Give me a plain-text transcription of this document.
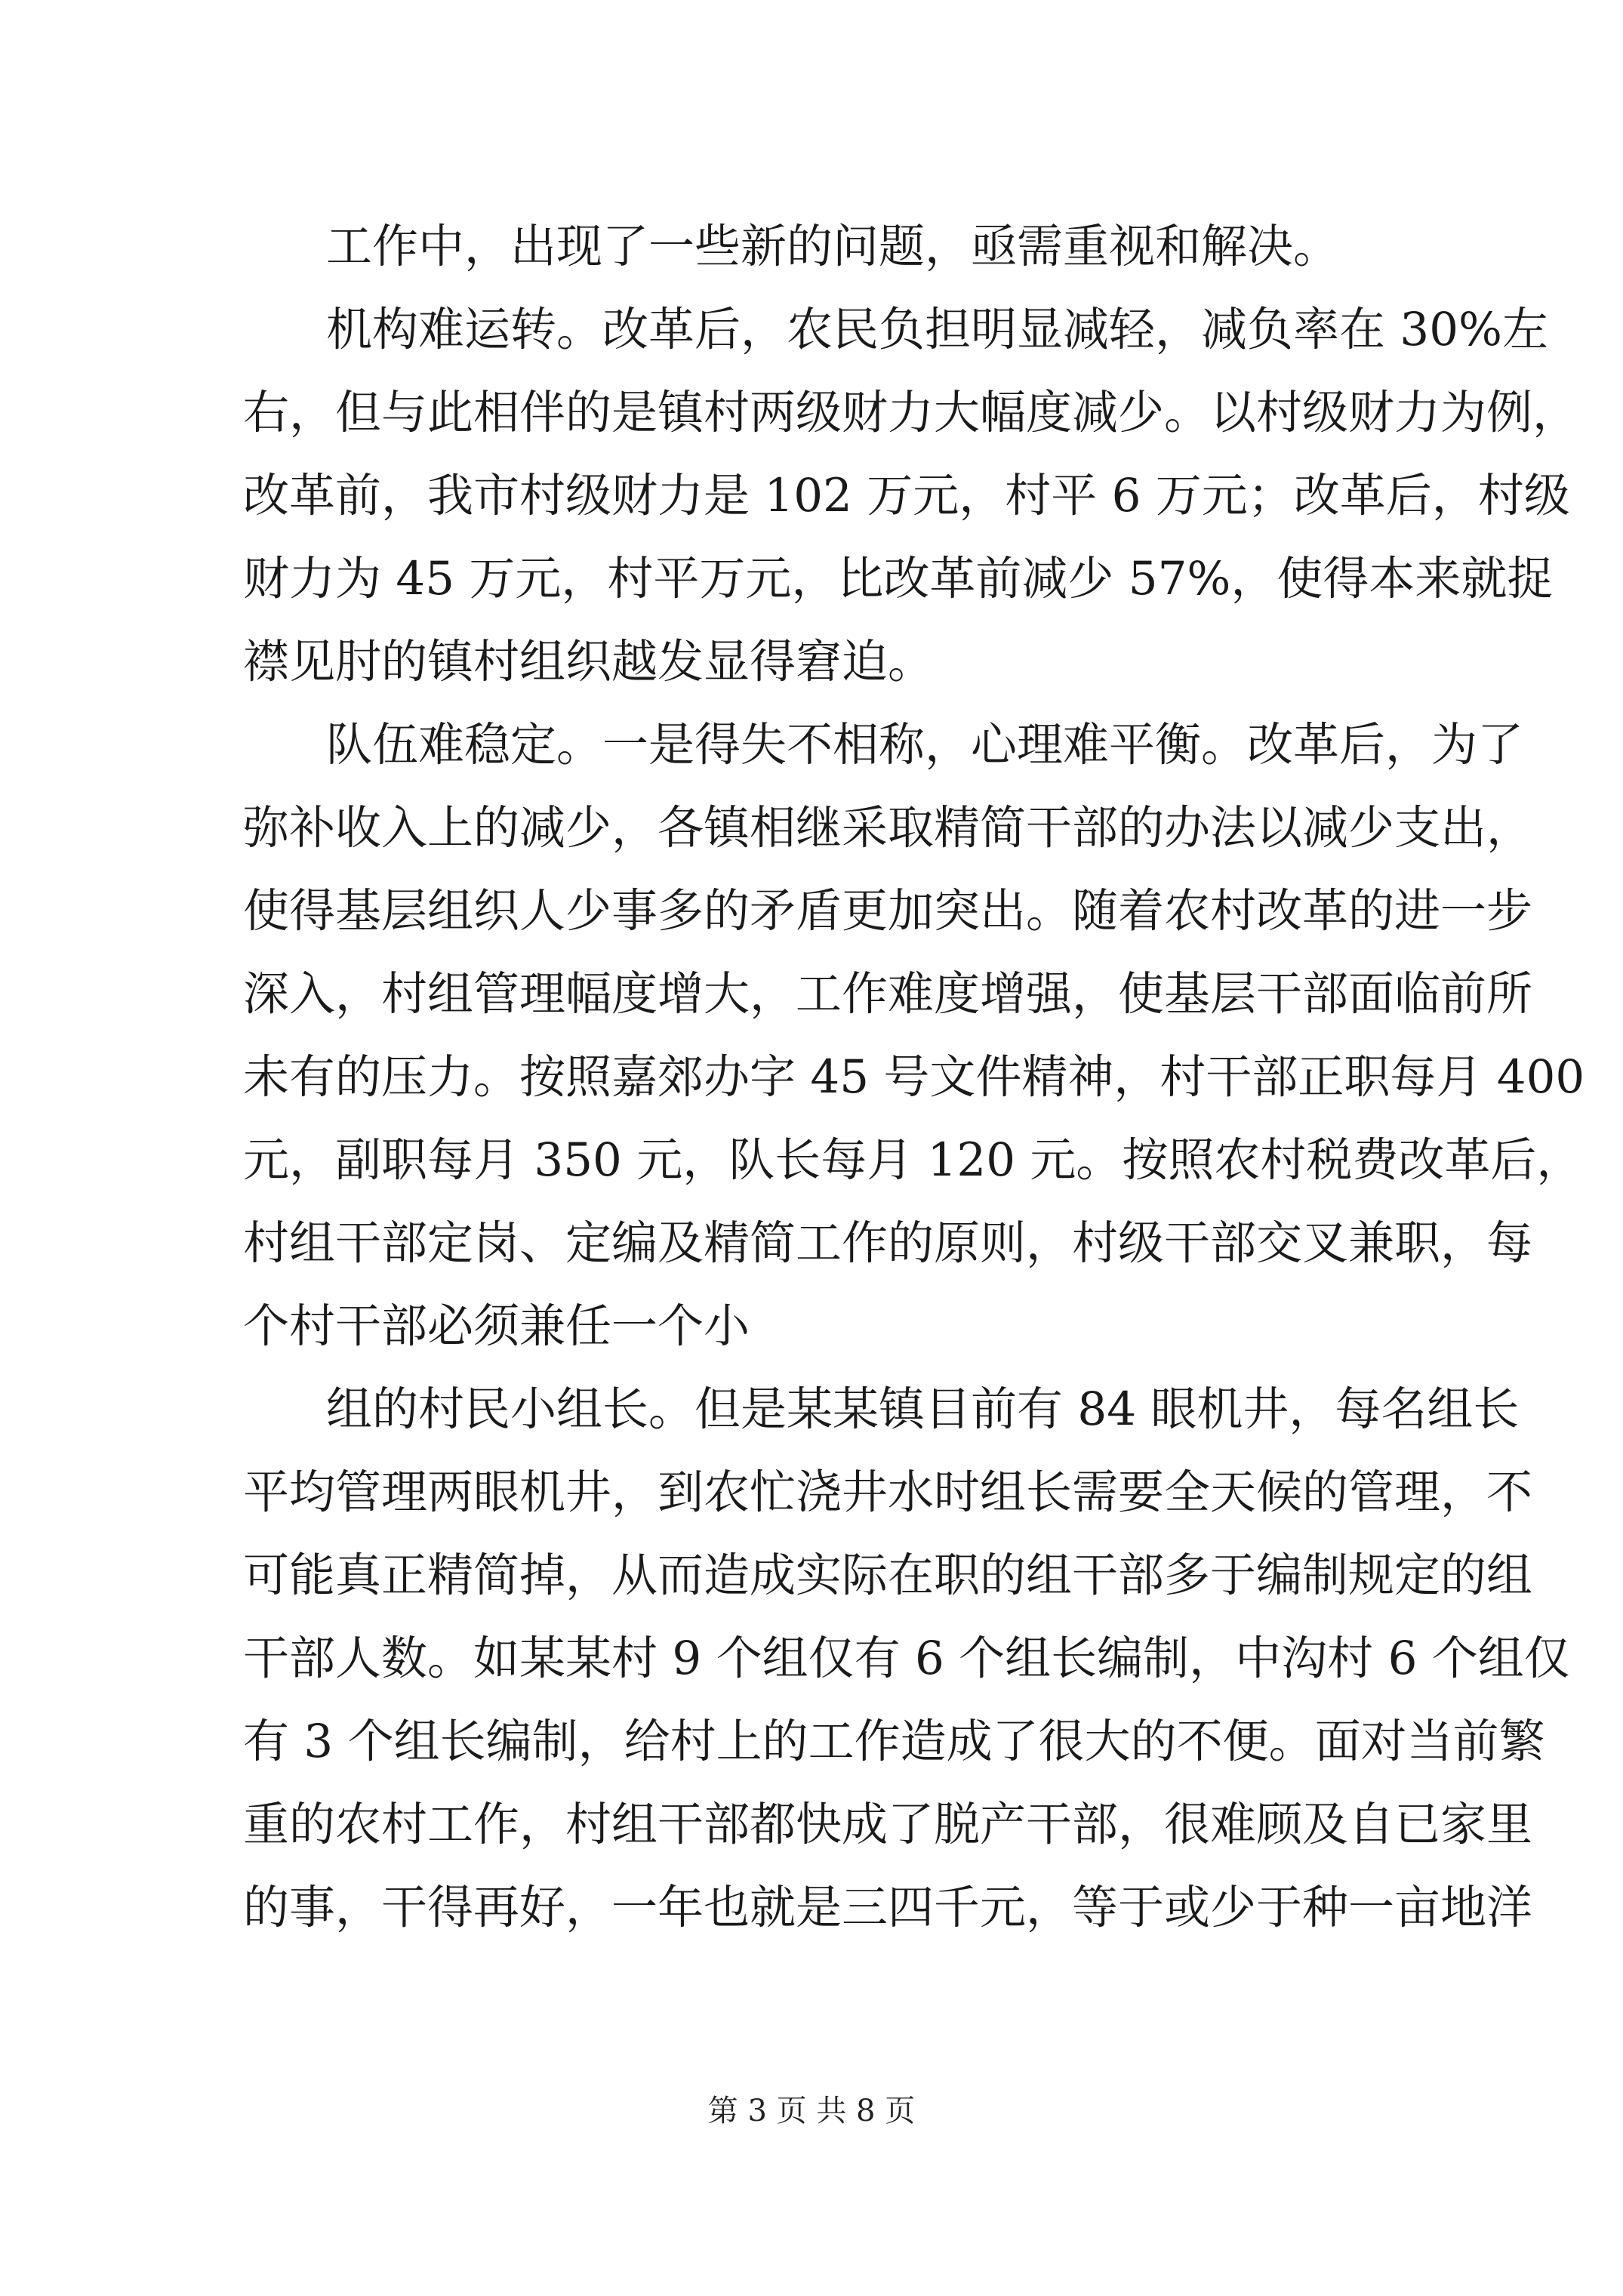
工作中，出现了一些新的问题，亟需重视和解决。

机构难运转。改革后，农民负担明显减轻，减负率在 30%左

右，但与此相伴的是镇村两级财力大幅度减少。以村级财力为例，

改革前，我市村级财力是 102 万元，村平 6 万元；改革后，村级

财力为 45 万元，村平万元，比改革前减少 57%，使得本来就捉

襟见肘的镇村组织越发显得窘迫。

队伍难稳定。一是得失不相称，心理难平衡。改革后，为了

弥补收入上的减少，各镇相继采取精简干部的办法以减少支出，

使得基层组织人少事多的矛盾更加突出。随着农村改革的进一步

深入，村组管理幅度增大，工作难度增强，使基层干部面临前所

未有的压力。按照嘉郊办字 45 号文件精神，村干部正职每月 400

元，副职每月 350 元，队长每月 120 元。按照农村税费改革后，

村组干部定岗、定编及精简工作的原则，村级干部交叉兼职，每

个村干部必须兼任一个小

组的村民小组长。但是某某镇目前有 84 眼机井，每名组长

平均管理两眼机井，到农忙浇井水时组长需要全天候的管理，不

可能真正精简掉，从而造成实际在职的组干部多于编制规定的组

干部人数。如某某村 9 个组仅有 6 个组长编制，中沟村 6 个组仅

有 3 个组长编制，给村上的工作造成了很大的不便。面对当前繁

重的农村工作，村组干部都快成了脱产干部，很难顾及自已家里

的事，干得再好，一年也就是三四千元，等于或少于种一亩地洋

第 3 页 共 8 页
